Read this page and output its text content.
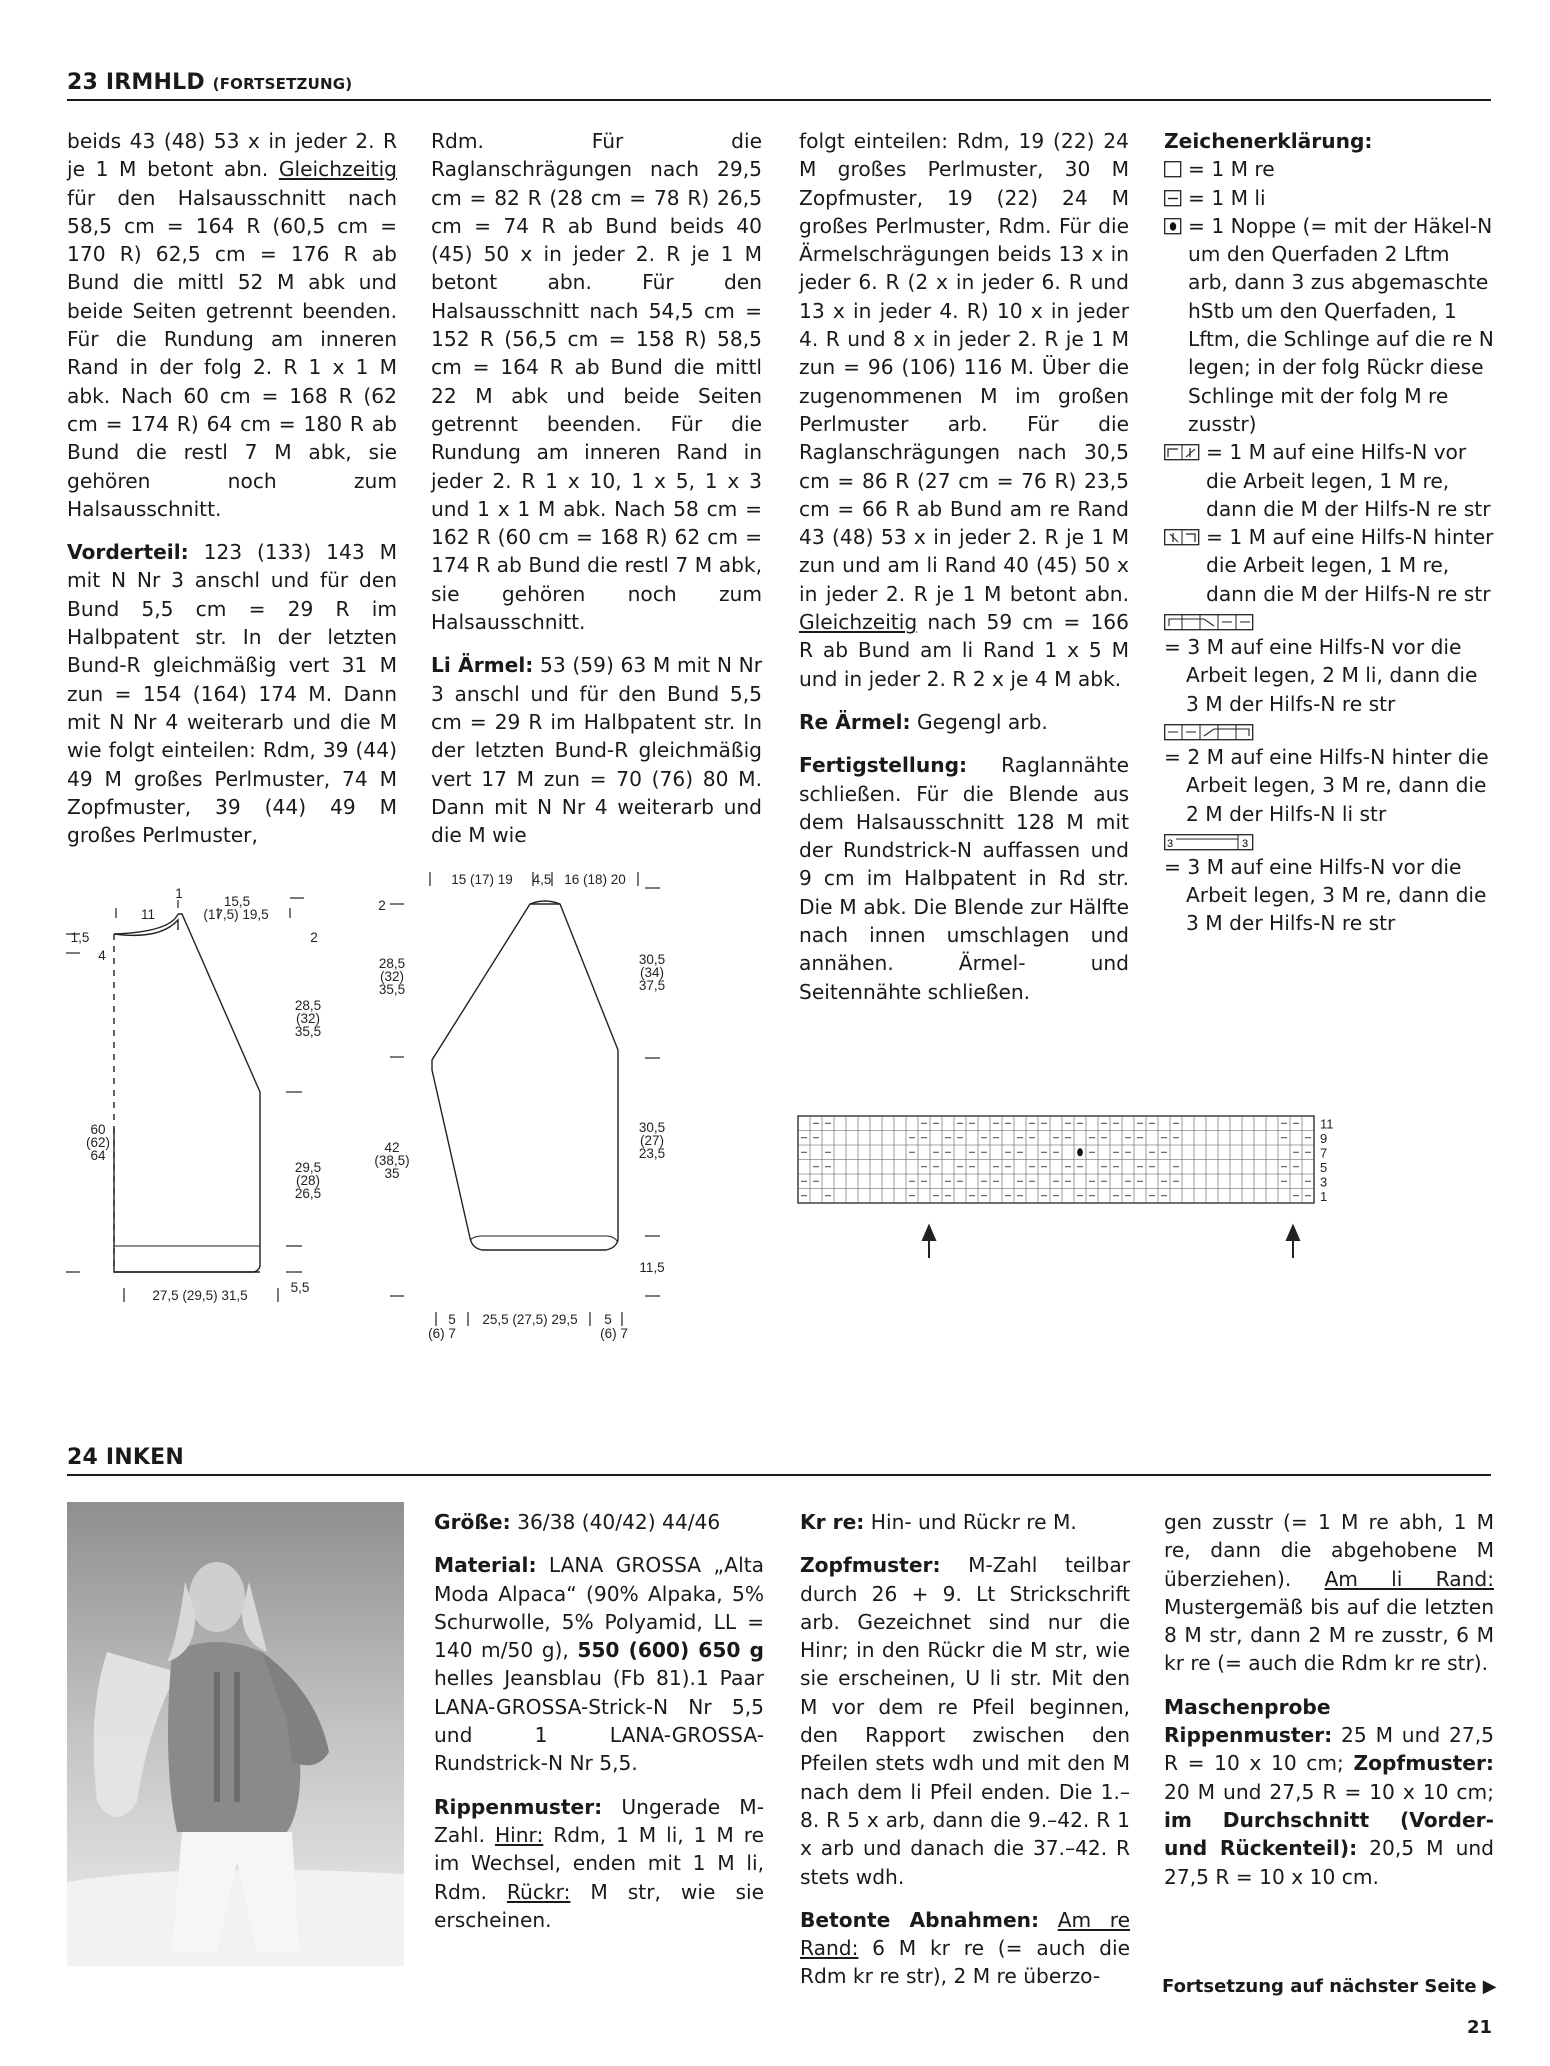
23 IRMHLD (FORTSETZUNG)

beids 43 (48) 53 x in jeder 2. R je 1 M betont abn. Gleichzeitig für den Halsausschnitt nach 58,5 cm = 164 R (60,5 cm = 170 R) 62,5 cm = 176 R ab Bund die mittl 52 M abk und beide Seiten getrennt beenden. Für die Rundung am inneren Rand in der folg 2. R 1 x 1 M abk. Nach 60 cm = 168 R (62 cm = 174 R) 64 cm = 180 R ab Bund die restl 7 M abk, sie gehören noch zum Halsausschnitt.

Vorderteil: 123 (133) 143 M mit N Nr 3 anschl und für den Bund 5,5 cm = 29 R im Halbpatent str. In der letzten Bund-R gleichmäßig vert 31 M zun = 154 (164) 174 M. Dann mit N Nr 4 weiterarb und die M wie folgt einteilen: Rdm, 39 (44) 49 M großes Perlmuster, 74 M Zopfmuster, 39 (44) 49 M großes Perlmuster,

Rdm. Für die Raglanschrägungen nach 29,5 cm = 82 R (28 cm = 78 R) 26,5 cm = 74 R ab Bund beids 40 (45) 50 x in jeder 2. R je 1 M betont abn. Für den Halsausschnitt nach 54,5 cm = 152 R (56,5 cm = 158 R) 58,5 cm = 164 R ab Bund die mittl 22 M abk und beide Seiten getrennt beenden. Für die Rundung am inneren Rand in jeder 2. R 1 x 10, 1 x 5, 1 x 3 und 1 x 1 M abk. Nach 58 cm = 162 R (60 cm = 168 R) 62 cm = 174 R ab Bund die restl 7 M abk, sie gehören noch zum Halsausschnitt.

Li Ärmel: 53 (59) 63 M mit N Nr 3 anschl und für den Bund 5,5 cm = 29 R im Halbpatent str. In der letzten Bund-R gleichmäßig vert 17 M zun = 70 (76) 80 M. Dann mit N Nr 4 weiterarb und die M wie

folgt einteilen: Rdm, 19 (22) 24 M großes Perlmuster, 30 M Zopfmuster, 19 (22) 24 M großes Perlmuster, Rdm. Für die Ärmelschrägungen beids 13 x in jeder 6. R (2 x in jeder 6. R und 13 x in jeder 4. R) 10 x in jeder 4. R und 8 x in jeder 2. R je 1 M zun = 96 (106) 116 M. Über die zugenommenen M im großen Perlmuster arb. Für die Raglanschrägungen nach 30,5 cm = 86 R (27 cm = 76 R) 23,5 cm = 66 R ab Bund am re Rand 43 (48) 53 x in jeder 2. R je 1 M zun und am li Rand 40 (45) 50 x in jeder 2. R je 1 M betont abn. Gleichzeitig nach 59 cm = 166 R ab Bund am li Rand 1 x 5 M und in jeder 2. R 2 x je 4 M abk.

Re Ärmel: Gegengl arb.

Fertigstellung: Raglannähte schließen. Für die Blende aus dem Halsausschnitt 128 M mit der Rundstrick-N auffassen und 9 cm im Halbpatent in Rd str. Die M abk. Die Blende zur Hälfte nach innen umschlagen und annähen. Ärmel- und Seitennähte schließen.

Zeichenerklärung:
= 1 M re
= 1 M li
= 1 Noppe (= mit der Häkel-N um den Querfaden 2 Lftm arb, dann 3 zus abgemaschte hStb um den Querfaden, 1 Lftm, die Schlinge auf die re N legen; in der folg Rückr diese Schlinge mit der folg M re zusstr)
= 1 M auf eine Hilfs-N vor die Arbeit legen, 1 M re, dann die M der Hilfs-N re str
= 1 M auf eine Hilfs-N hinter die Arbeit legen, 1 M re, dann die M der Hilfs-N re str
= 3 M auf eine Hilfs-N vor die Arbeit legen, 2 M li, dann die 3 M der Hilfs-N re str
= 2 M auf eine Hilfs-N hinter die Arbeit legen, 3 M re, dann die 2 M der Hilfs-N li str
3	3
= 3 M auf eine Hilfs-N vor die Arbeit legen, 3 M re, dann die 3 M der Hilfs-N re str
1
11
15,5
(17,5) 19,5
1,5
4
2
28,5
(32)
35,5
60
(62)
64
29,5
(28)
26,5
5,5
27,5 (29,5) 31,5
15 (17) 19 4,5 16 (18) 20
2
28,5
(32)
35,5
30,5
(34)
37,5
42
(38,5)
35
30,5
(27)
23,5
11,5
5
(6) 7
25,5 (27,5) 29,5 5
(6) 7
11
9
7
5
3
1
24 INKEN

Größe: 36/38 (40/42) 44/46

Material: LANA GROSSA „Alta Moda Alpaca“ (90% Alpaka, 5% Schurwolle, 5% Polyamid, LL = 140 m/50 g), 550 (600) 650 g helles Jeansblau (Fb 81).1 Paar LANA-GROSSA-Strick-N Nr 5,5 und 1 LANA-GROSSA-Rundstrick-N Nr 5,5.

Rippenmuster: Ungerade M-Zahl. Hinr: Rdm, 1 M li, 1 M re im Wechsel, enden mit 1 M li, Rdm. Rückr: M str, wie sie erscheinen.

Kr re: Hin- und Rückr re M.

Zopfmuster: M-Zahl teilbar durch 26 + 9. Lt Strickschrift arb. Gezeichnet sind nur die Hinr; in den Rückr die M str, wie sie erscheinen, U li str. Mit den M vor dem re Pfeil beginnen, den Rapport zwischen den Pfeilen stets wdh und mit den M nach dem li Pfeil enden. Die 1.–8. R 5 x arb, dann die 9.–42. R 1 x arb und danach die 37.–42. R stets wdh.

Betonte Abnahmen: Am re Rand: 6 M kr re (= auch die Rdm kr re str), 2 M re überzo-

gen zusstr (= 1 M re abh, 1 M re, dann die abgehobene M überziehen). Am li Rand: Mustergemäß bis auf die letzten 8 M str, dann 2 M re zusstr, 6 M kr re (= auch die Rdm kr re str).

Maschenprobe Rippenmuster: 25 M und 27,5 R = 10 x 10 cm; Zopfmuster: 20 M und 27,5 R = 10 x 10 cm; im Durchschnitt (Vorder- und Rückenteil): 20,5 M und 27,5 R = 10 x 10 cm.

Fortsetzung auf nächster Seite ▶
21
